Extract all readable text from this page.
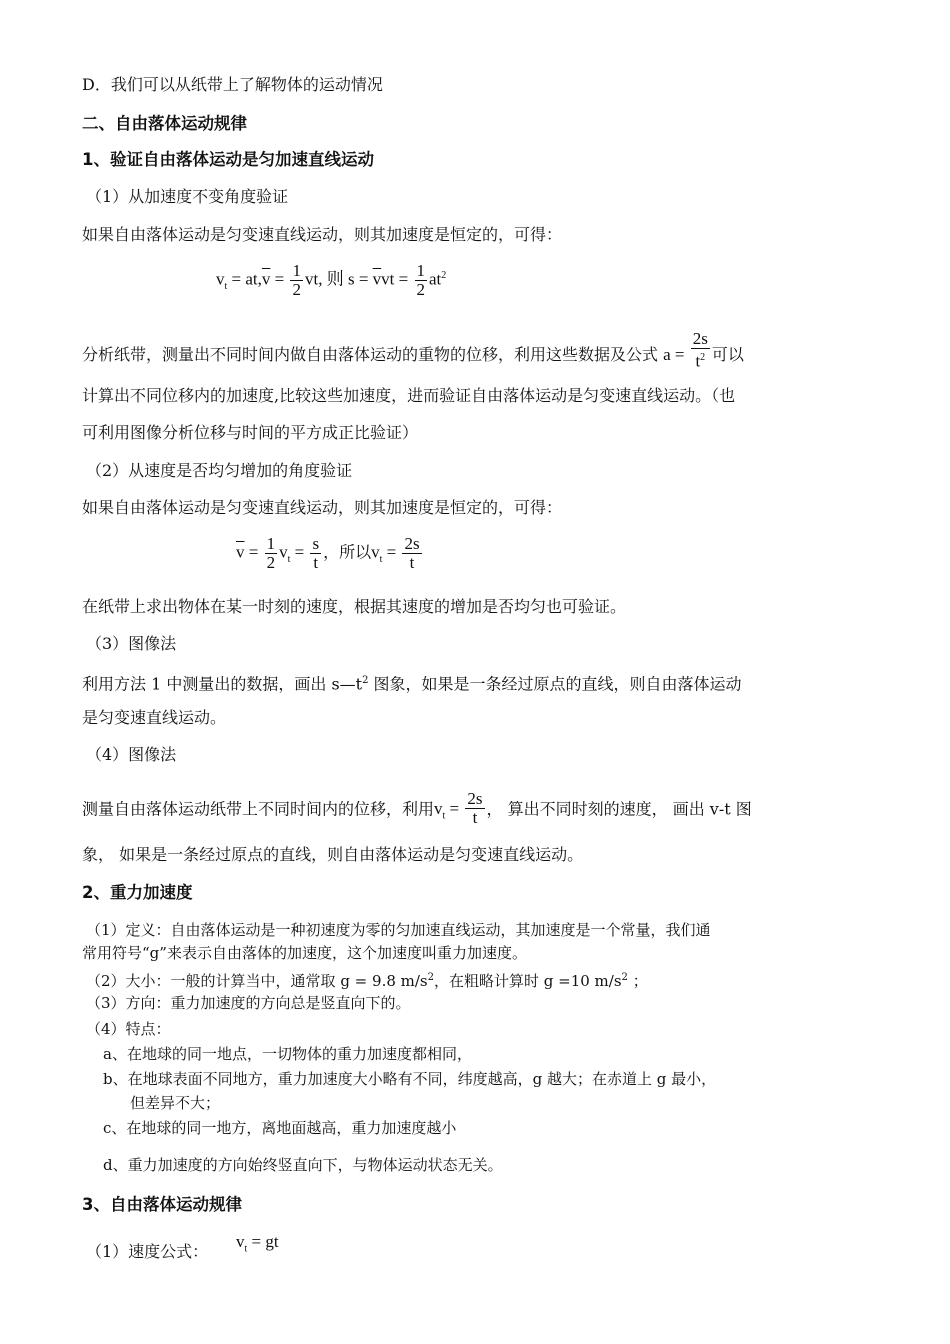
D．我们可以从纸带上了解物体的运动情况
二、自由落体运动规律
1、验证自由落体运动是匀加速直线运动
（1）从加速度不变角度验证
如果自由落体运动是匀变速直线运动，则其加速度是恒定的，可得：
$v_t = at,\overline{v} = \frac{1}{2}$ vt, 则 $s = \overline{v}vt = \frac{1}{2} at^2$
分析纸带，测量出不同时间内做自由落体运动的重物的位移，利用这些数据及公式 $a = \frac{2s}{t^2}$ 可以
计算出不同位移内的加速度,比较这些加速度，进而验证自由落体运动是匀变速直线运动。（也
可利用图像分析位移与时间的平方成正比验证）
（2）从速度是否均匀增加的角度验证
如果自由落体运动是匀变速直线运动，则其加速度是恒定的，可得：
$\overline{v} = \frac{1}{2} v_t = \frac{s}{t}$ ，所以$v_t = \frac{2s}{t}$
在纸带上求出物体在某一时刻的速度，根据其速度的增加是否均匀也可验证。
（3）图像法
利用方法 1 中测量出的数据，画出 $s—t^2$ 图象，如果是一条经过原点的直线，则自由落体运动
是匀变速直线运动。
（4）图像法
测量自由落体运动纸带上不同时间内的位移，利用$v_t = \frac{2s}{t}$ ， 算出不同时刻的速度， 画出 v-t 图
象， 如果是一条经过原点的直线，则自由落体运动是匀变速直线运动。
2、重力加速度
（1）定义：自由落体运动是一种初速度为零的匀加速直线运动，其加速度是一个常量，我们通
常用符号“g”来表示自由落体的加速度，这个加速度叫重力加速度。
（2）大小：一般的计算当中，通常取 g = 9.8 $m/s^2$，在粗略计算时 g =10 $m/s^2$ ；
（3）方向：重力加速度的方向总是竖直向下的。
（4）特点：
a、在地球的同一地点，一切物体的重力加速度都相同，
b、在地球表面不同地方，重力加速度大小略有不同，纬度越高，g 越大；在赤道上 g 最小，
但差异不大；
c、在地球的同一地方，离地面越高，重力加速度越小
d、重力加速度的方向始终竖直向下，与物体运动状态无关。
3、自由落体运动规律
（1）速度公式：
$v_t$ = gt
